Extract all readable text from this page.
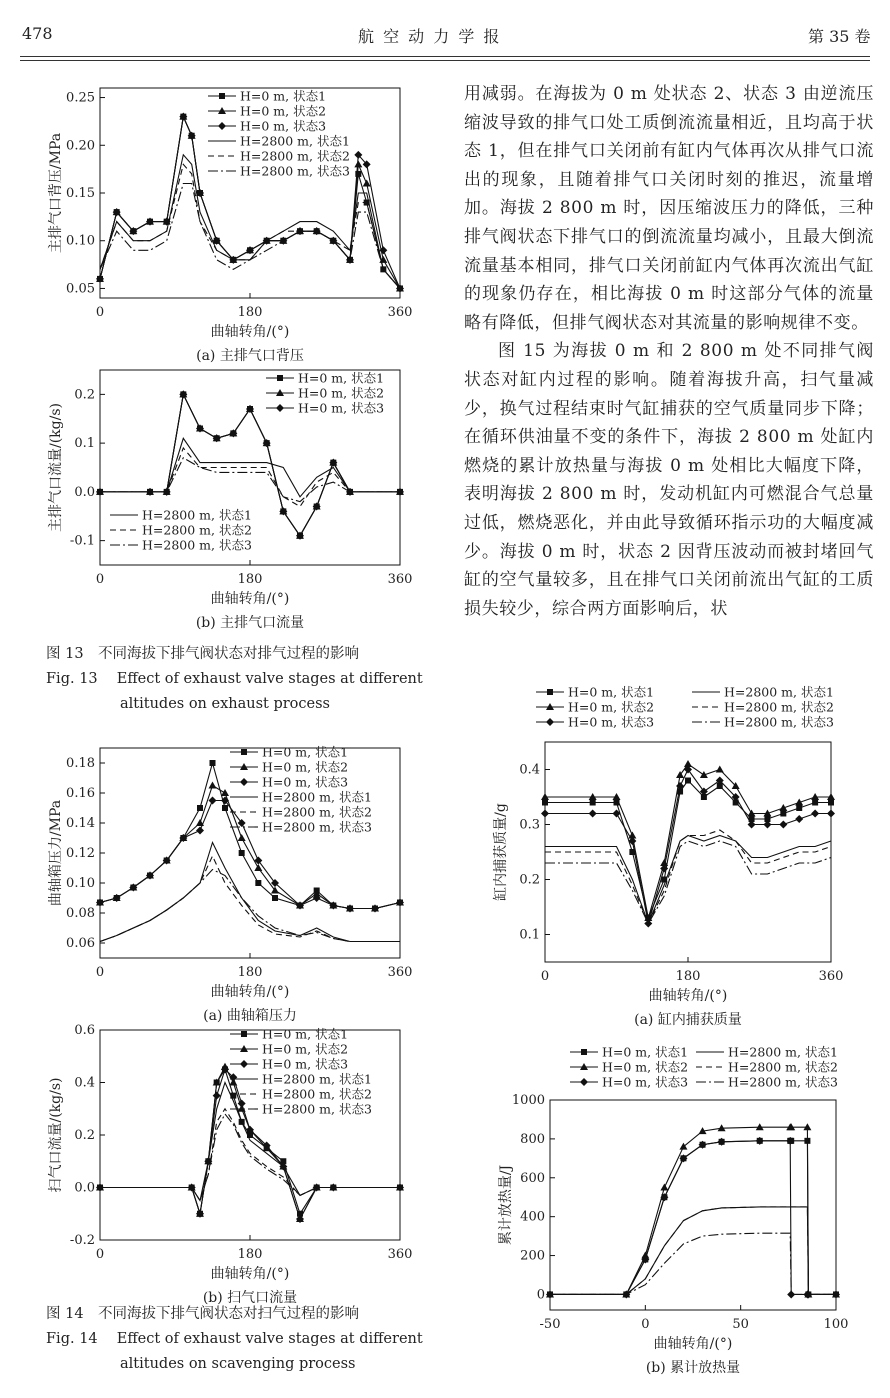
478	航 空 动 力 学 报	第 35 卷

用减弱。在海拔为 0 m 处状态 2、状态 3 由逆流压缩波导致的排气口处工质倒流流量相近，且均高于状态 1，但在排气口关闭前有缸内气体再次从排气口流出的现象，且随着排气口关闭时刻的推迟，流量增加。海拔 2 800 m 时，因压缩波压力的降低，三种排气阀状态下排气口的倒流流量均减小，且最大倒流流量基本相同，排气口关闭前缸内气体再次流出气缸的现象仍存在，相比海拔 0 m 时这部分气体的流量略有降低，但排气阀状态对其流量的影响规律不变。

图 15 为海拔 0 m 和 2 800 m 处不同排气阀状态对缸内过程的影响。随着海拔升高，扫气量减少，换气过程结束时气缸捕获的空气质量同步下降；在循环供油量不变的条件下，海拔 2 800 m 处缸内燃烧的累计放热量与海拔 0 m 处相比大幅度下降，表明海拔 2 800 m 时，发动机缸内可燃混合气总量过低，燃烧恶化，并由此导致循环指示功的大幅度减少。海拔 0 m 时，状态 2 因背压波动而被封堵回气缸的空气量较多，且在排气口关闭前流出气缸的工质损失较少，综合两方面影响后，状

0	180	360
0.05
0.10
0.15
0.20
0.25
曲轴转角/(°)
主排气口背压/MPa
(a) 主排气口背压
H=0 m, 状态1
H=0 m, 状态2
H=0 m, 状态3
H=2800 m, 状态1
H=2800 m, 状态2
H=2800 m, 状态3
0	180	360
-0.1
0.0
0.1
0.2
曲轴转角/(°)
主排气口流量/(kg/s)
(b) 主排气口流量
H=0 m, 状态1
H=0 m, 状态2
H=0 m, 状态3
H=2800 m, 状态1
H=2800 m, 状态2
H=2800 m, 状态3
0	180	360
0.06
0.08
0.10
0.12
0.14
0.16
0.18
曲轴转角/(°)
曲轴箱压力/MPa
(a) 曲轴箱压力
H=0 m, 状态1
H=0 m, 状态2
H=0 m, 状态3
H=2800 m, 状态1
H=2800 m, 状态2
H=2800 m, 状态3
0	180	360
-0.2
0.0
0.2
0.4
0.6
曲轴转角/(°)
扫气口流量/(kg/s)
(b) 扫气口流量
H=0 m, 状态1
H=0 m, 状态2
H=0 m, 状态3
H=2800 m, 状态1
H=2800 m, 状态2
H=2800 m, 状态3
0	180	360
0.1
0.2
0.3
0.4
曲轴转角/(°)
缸内捕获质量/g
(a) 缸内捕获质量
H=0 m, 状态1
H=0 m, 状态2
H=0 m, 状态3
H=2800 m, 状态1
H=2800 m, 状态2
H=2800 m, 状态3
-50	0	50	100
0
200
400
600
800
1000
曲轴转角/(°)
累计放热量/J
(b) 累计放热量
H=0 m, 状态1
H=0 m, 状态2
H=0 m, 状态3
H=2800 m, 状态1
H=2800 m, 状态2
H=2800 m, 状态3
图 13　不同海拔下排气阀状态对排气过程的影响
Fig. 13　 Effect of exhaust valve stages at different
altitudes on exhaust process
图 14　不同海拔下排气阀状态对扫气过程的影响
Fig. 14　 Effect of exhaust valve stages at different
altitudes on scavenging process
